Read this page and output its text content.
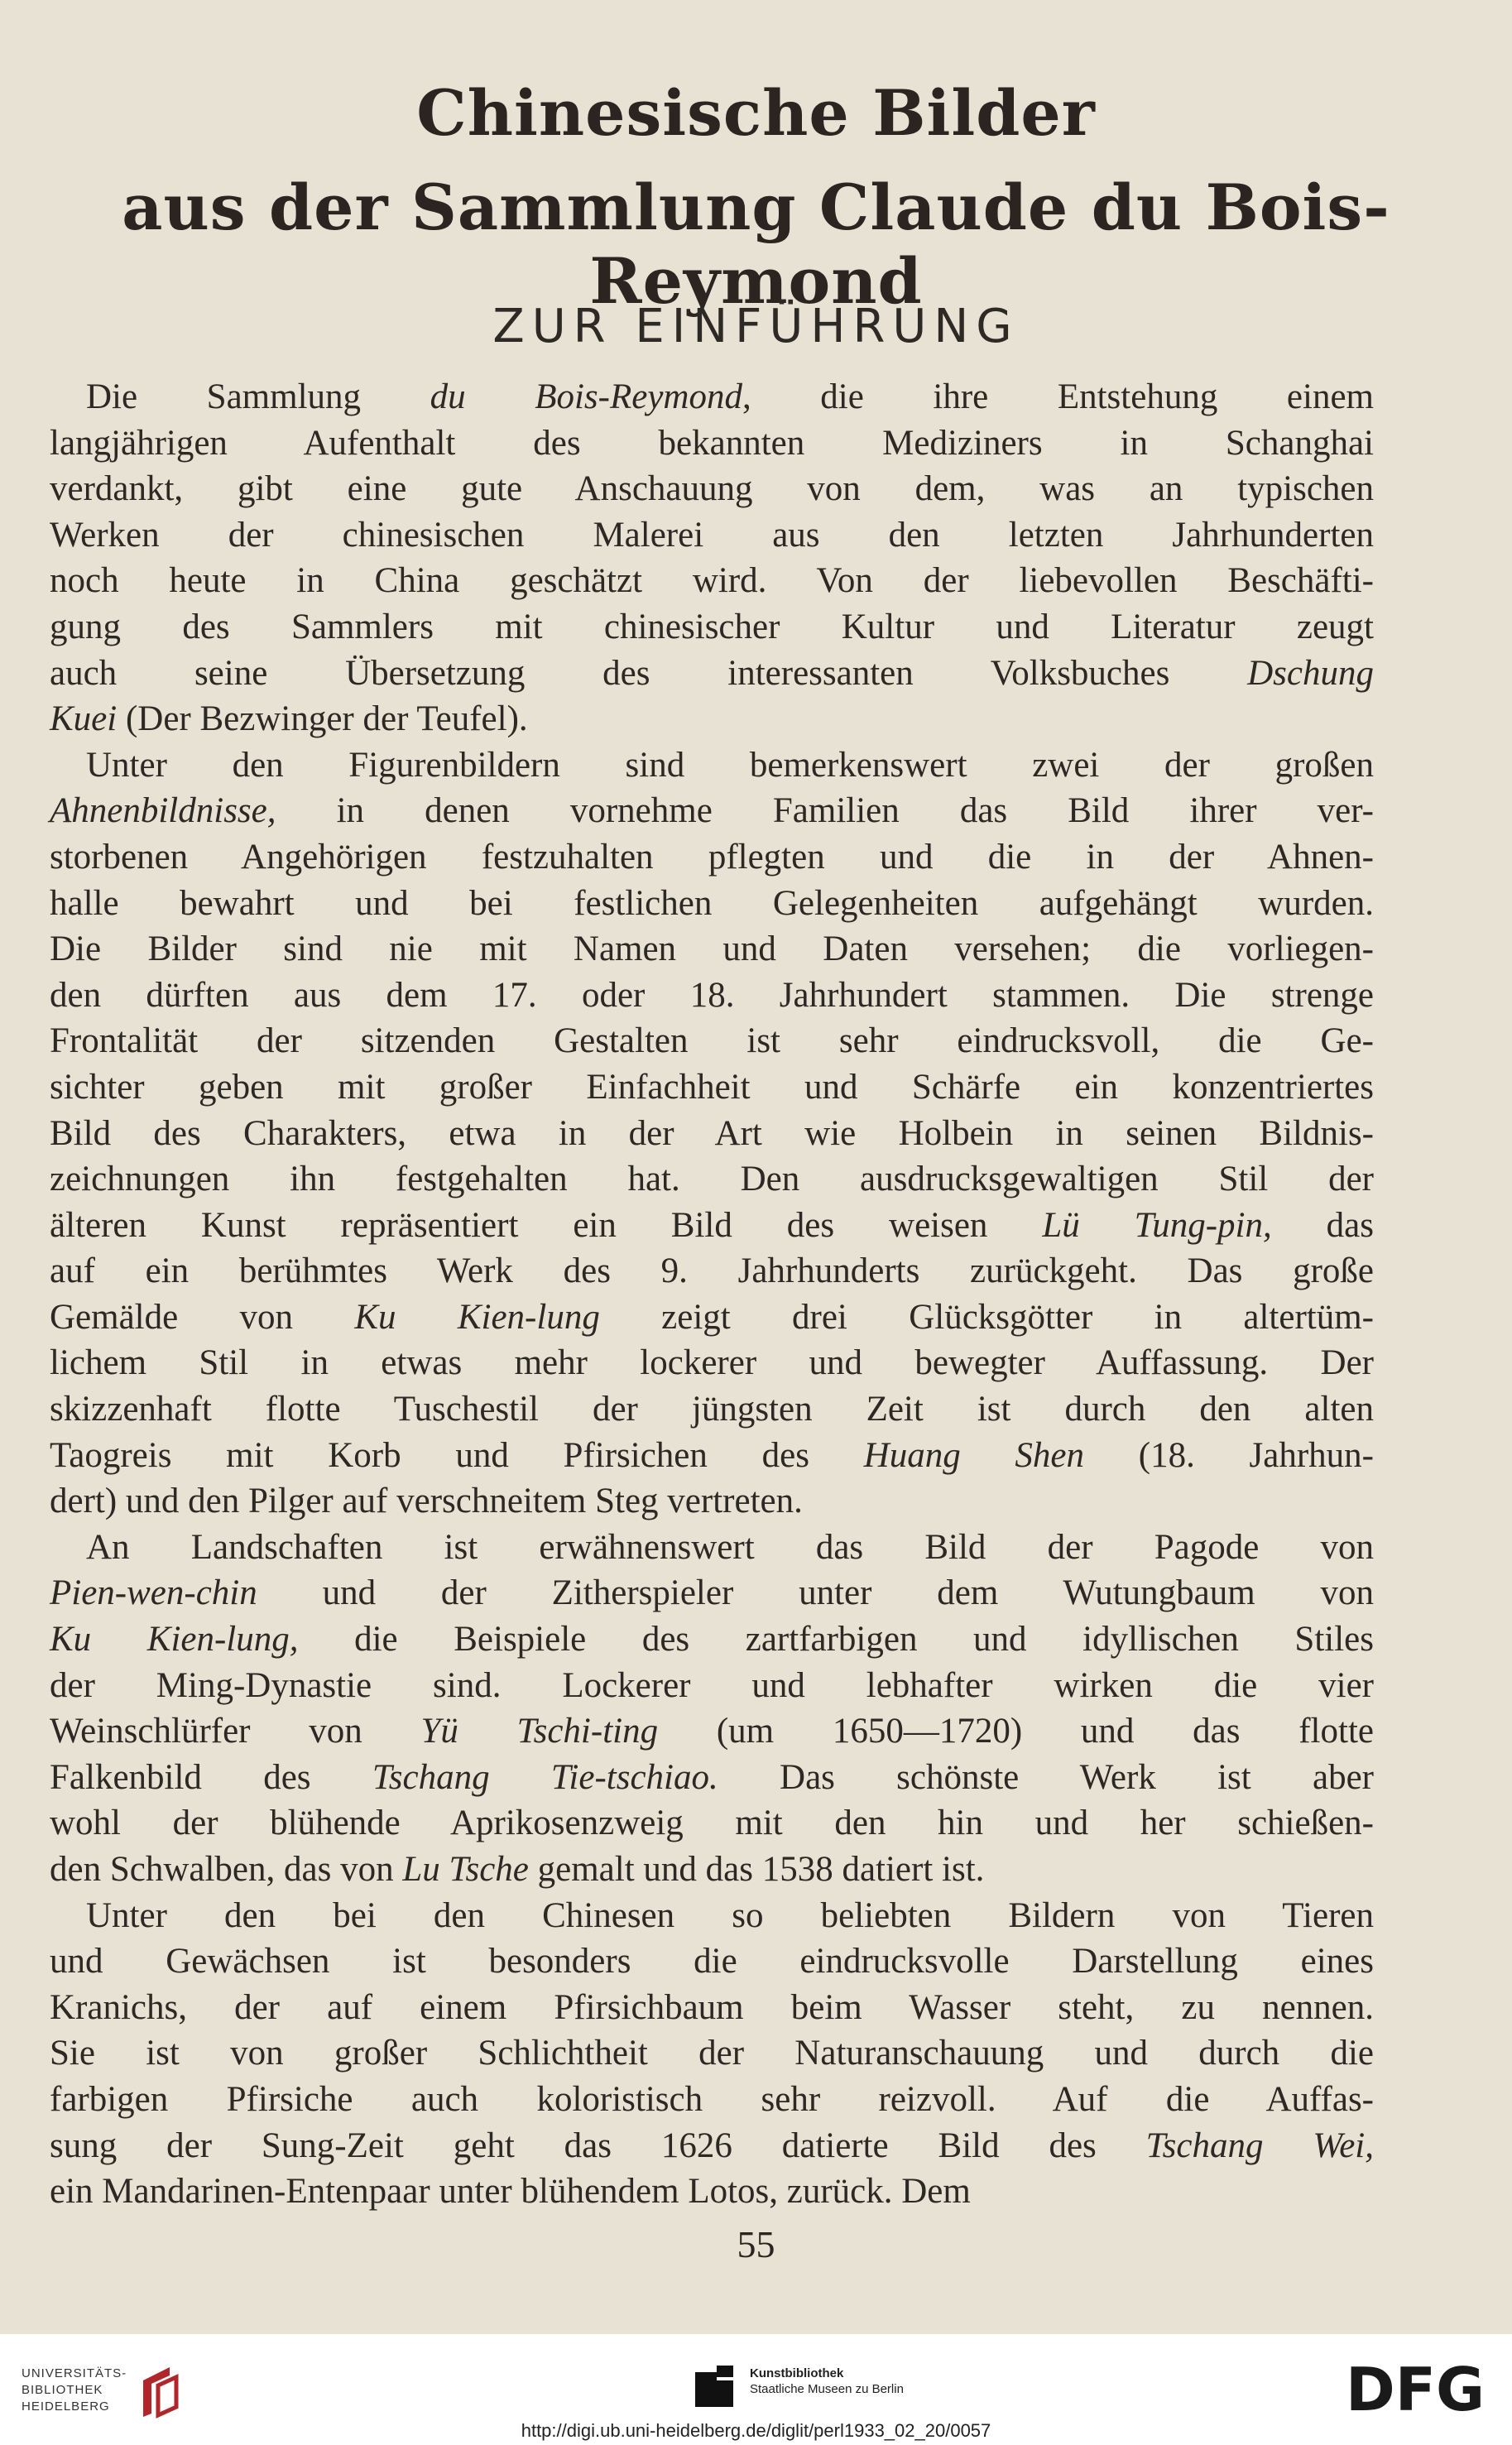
Chinesische Bilder
aus der Sammlung Claude du Bois-Reymond
ZUR EINFÜHRUNG

Die Sammlung du Bois-Reymond, die ihre Entstehung einem
langjährigen Aufenthalt des bekannten Mediziners in Schanghai
verdankt, gibt eine gute Anschauung von dem, was an typischen
Werken der chinesischen Malerei aus den letzten Jahrhunderten
noch heute in China geschätzt wird. Von der liebevollen Beschäfti-
gung des Sammlers mit chinesischer Kultur und Literatur zeugt
auch seine Übersetzung des interessanten Volksbuches Dschung
Kuei (Der Bezwinger der Teufel).

Unter den Figurenbildern sind bemerkenswert zwei der großen
Ahnenbildnisse, in denen vornehme Familien das Bild ihrer ver-
storbenen Angehörigen festzuhalten pflegten und die in der Ahnen-
halle bewahrt und bei festlichen Gelegenheiten aufgehängt wurden.
Die Bilder sind nie mit Namen und Daten versehen; die vorliegen-
den dürften aus dem 17. oder 18. Jahrhundert stammen. Die strenge
Frontalität der sitzenden Gestalten ist sehr eindrucksvoll, die Ge-
sichter geben mit großer Einfachheit und Schärfe ein konzentriertes
Bild des Charakters, etwa in der Art wie Holbein in seinen Bildnis-
zeichnungen ihn festgehalten hat. Den ausdrucksgewaltigen Stil der
älteren Kunst repräsentiert ein Bild des weisen Lü Tung-pin, das
auf ein berühmtes Werk des 9. Jahrhunderts zurückgeht. Das große
Gemälde von Ku Kien-lung zeigt drei Glücksgötter in altertüm-
lichem Stil in etwas mehr lockerer und bewegter Auffassung. Der
skizzenhaft flotte Tuschestil der jüngsten Zeit ist durch den alten
Taogreis mit Korb und Pfirsichen des Huang Shen (18. Jahrhun-
dert) und den Pilger auf verschneitem Steg vertreten.

An Landschaften ist erwähnenswert das Bild der Pagode von
Pien-wen-chin und der Zitherspieler unter dem Wutungbaum von
Ku Kien-lung, die Beispiele des zartfarbigen und idyllischen Stiles
der Ming-Dynastie sind. Lockerer und lebhafter wirken die vier
Weinschlürfer von Yü Tschi-ting (um 1650—1720) und das flotte
Falkenbild des Tschang Tie-tschiao. Das schönste Werk ist aber
wohl der blühende Aprikosenzweig mit den hin und her schießen-
den Schwalben, das von Lu Tsche gemalt und das 1538 datiert ist.

Unter den bei den Chinesen so beliebten Bildern von Tieren
und Gewächsen ist besonders die eindrucksvolle Darstellung eines
Kranichs, der auf einem Pfirsichbaum beim Wasser steht, zu nennen.
Sie ist von großer Schlichtheit der Naturanschauung und durch die
farbigen Pfirsiche auch koloristisch sehr reizvoll. Auf die Auffas-
sung der Sung-Zeit geht das 1626 datierte Bild des Tschang Wei,
ein Mandarinen-Entenpaar unter blühendem Lotos, zurück. Dem

55
UNIVERSITÄTS-
BIBLIOTHEK
HEIDELBERG
Kunstbibliothek
Staatliche Museen zu Berlin	DFG
http://digi.ub.uni-heidelberg.de/diglit/perl1933_02_20/0057
